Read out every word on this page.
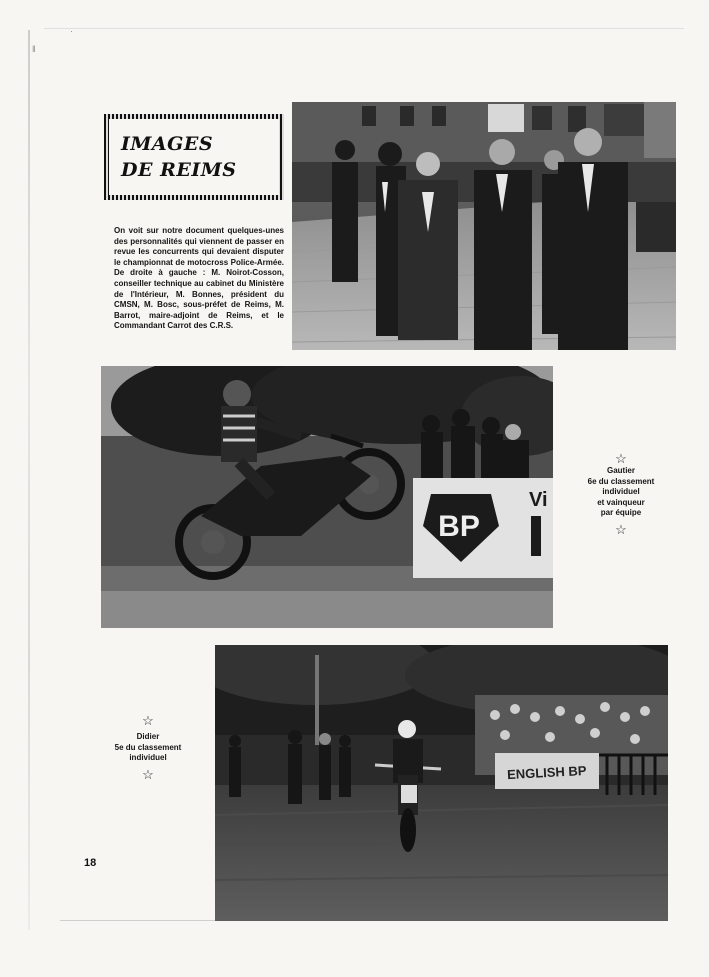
·
‖
IMAGES
DE REIMS
On voit sur notre document quelques-unes des personnalités qui viennent de passer en revue les concurrents qui devaient disputer le championnat de motocross Police-Armée. De droite à gauche : M. Noirot-Cosson, conseiller technique au cabinet du Ministère de l'Intérieur, M. Bonnes, président du CMSN, M. Bosc, sous-préfet de Reims, M. Barrot, maire-adjoint de Reims, et le Commandant Carrot des C.R.S.
BP
Vi
☆
Gautier
6e du classement
individuel
et vainqueur
par équipe
☆
ENGLISH BP
☆
Didier
5e du classement
individuel
☆
18
